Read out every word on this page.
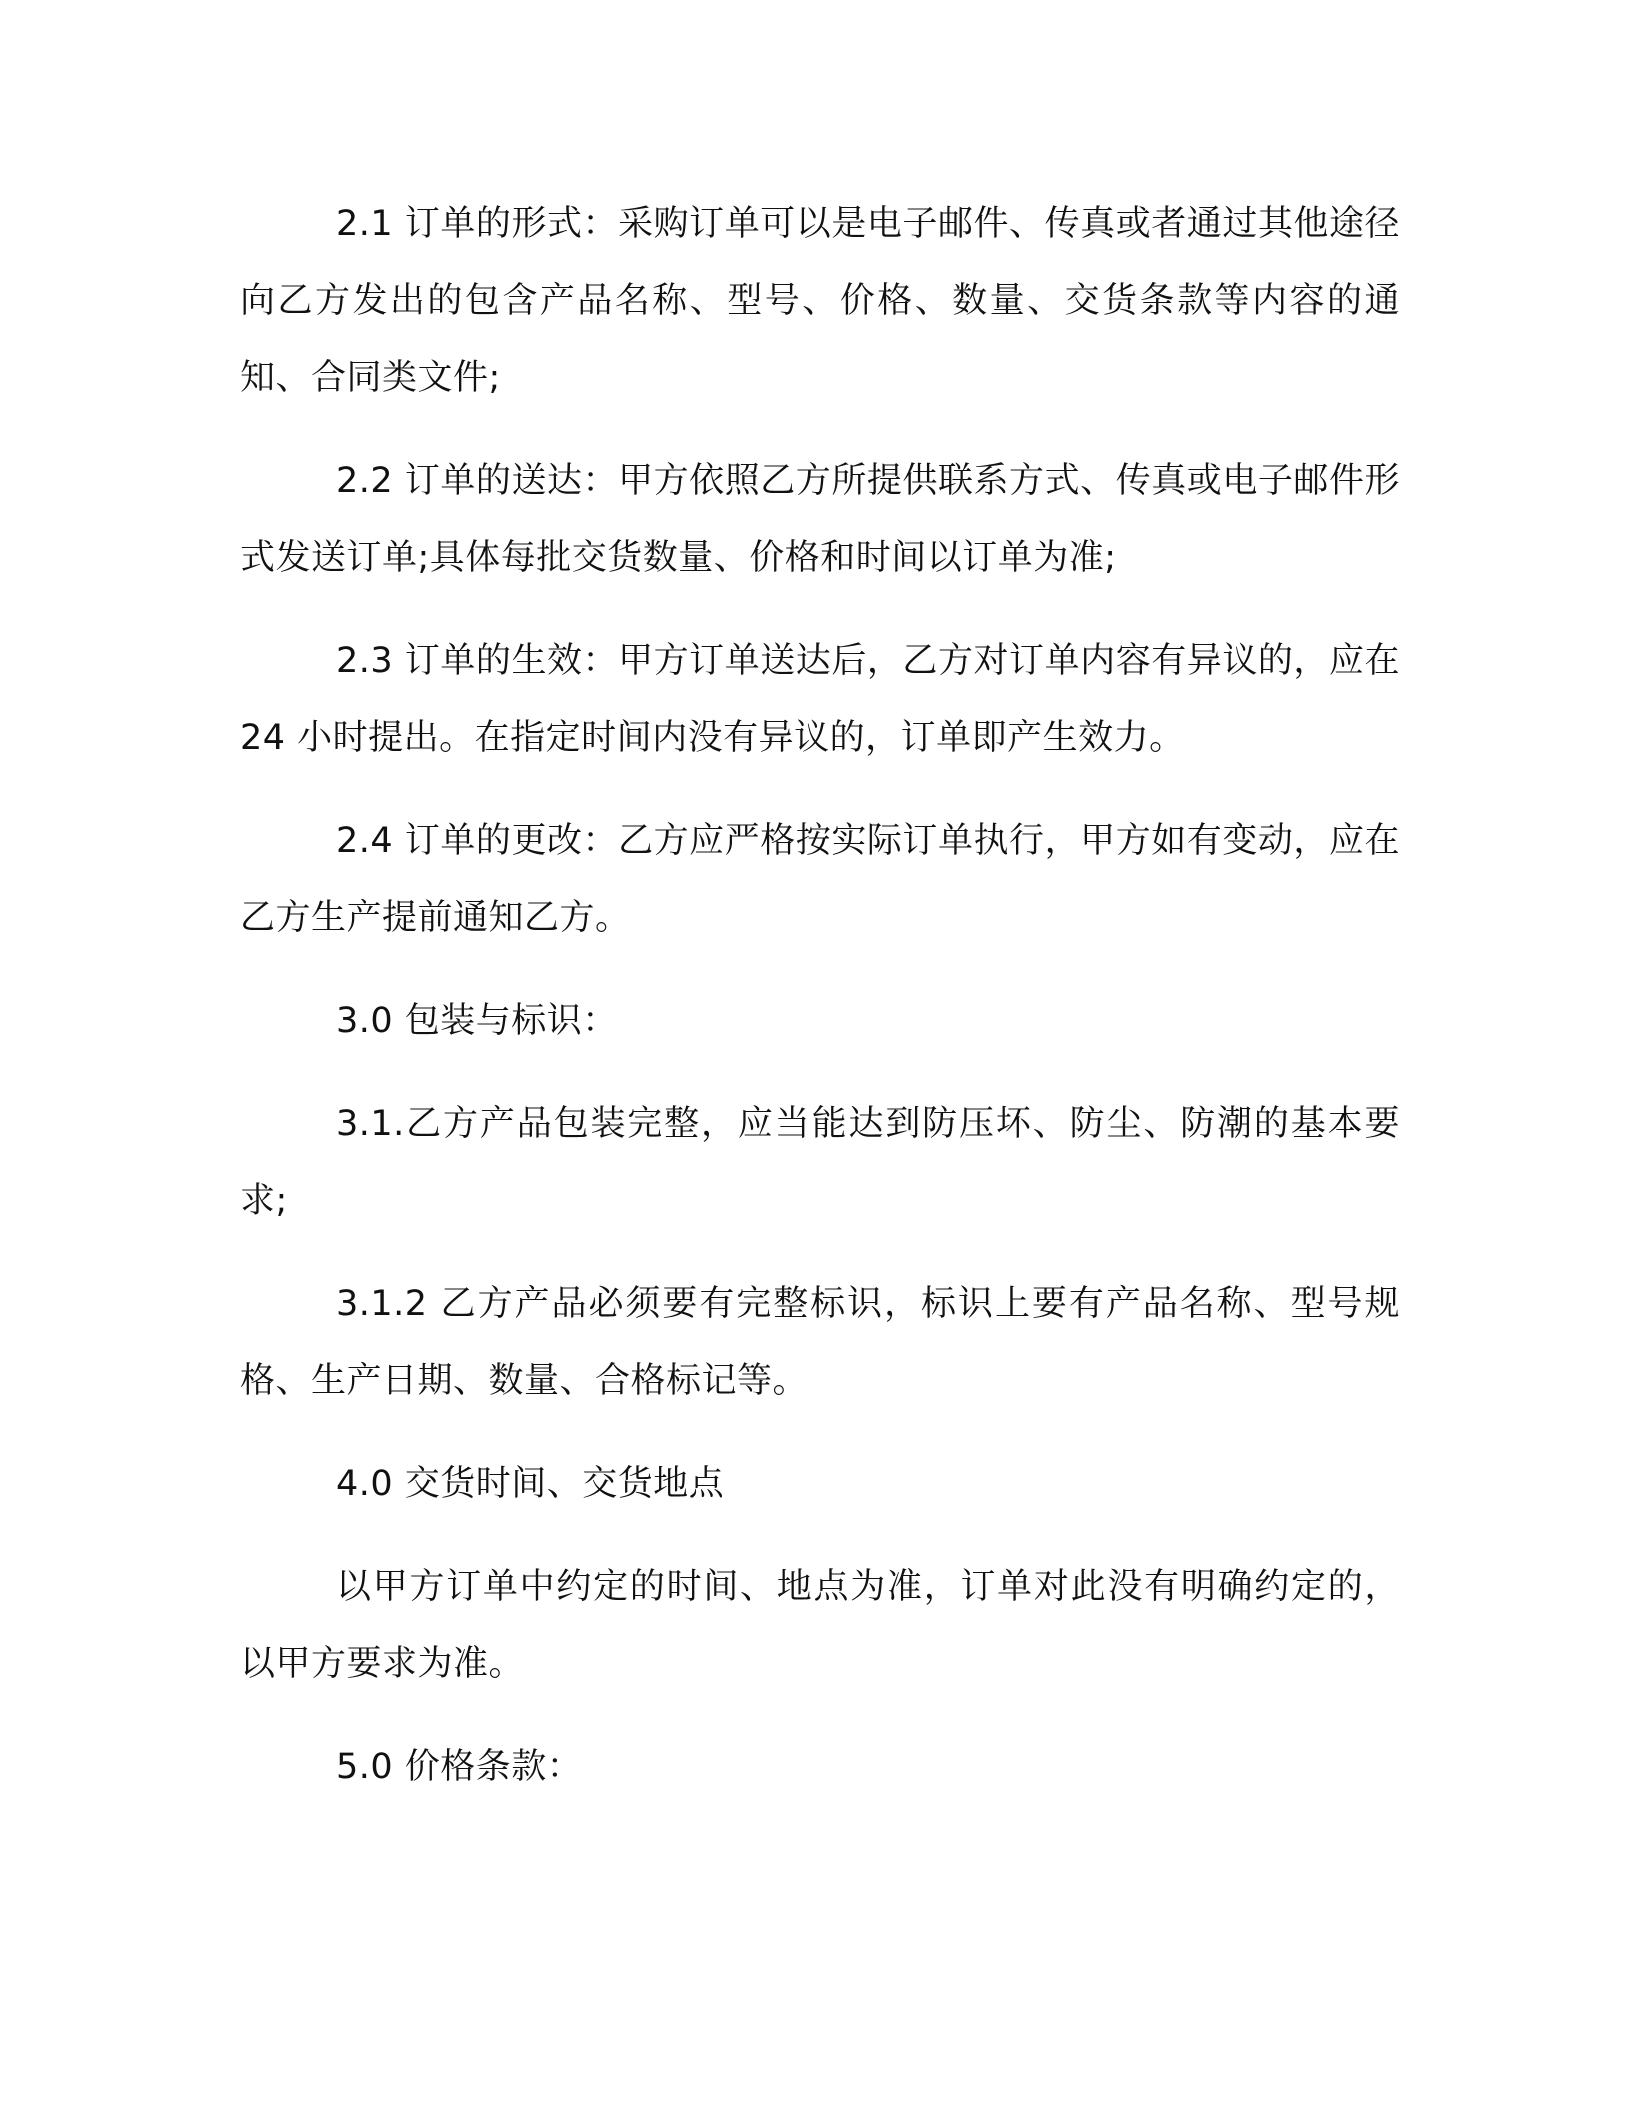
2.1 订单的形式：采购订单可以是电子邮件、传真或者通过其他途径向乙方发出的包含产品名称、型号、价格、数量、交货条款等内容的通知、合同类文件;

2.2 订单的送达：甲方依照乙方所提供联系方式、传真或电子邮件形式发送订单;具体每批交货数量、价格和时间以订单为准;

2.3 订单的生效：甲方订单送达后，乙方对订单内容有异议的，应在 24 小时提出。在指定时间内没有异议的，订单即产生效力。

2.4 订单的更改：乙方应严格按实际订单执行，甲方如有变动，应在乙方生产提前通知乙方。

3.0 包装与标识：

3.1.乙方产品包装完整，应当能达到防压坏、防尘、防潮的基本要求;

3.1.2 乙方产品必须要有完整标识，标识上要有产品名称、型号规格、生产日期、数量、合格标记等。

4.0 交货时间、交货地点

以甲方订单中约定的时间、地点为准，订单对此没有明确约定的，以甲方要求为准。

5.0 价格条款：
